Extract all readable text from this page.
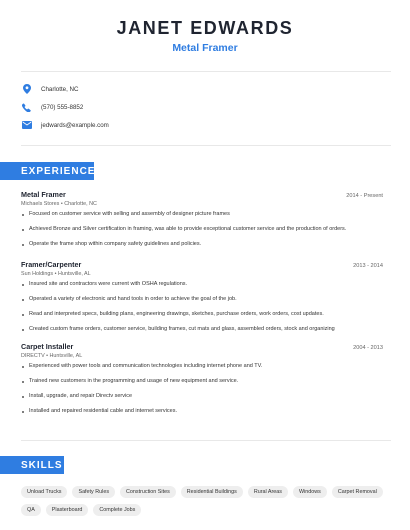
JANET EDWARDS
Metal Framer
Charlotte, NC
(570) 555-8852
jedwards@example.com
EXPERIENCE
Metal Framer	2014 - Present
Michaels Stores • Charlotte, NC
Focused on customer service with selling and assembly of designer picture frames
Achieved Bronze and Silver certification in framing, was able to provide exceptional customer service and the production of orders.
Operate the frame shop within company safety guidelines and policies.
Framer/Carpenter	2013 - 2014
Sun Holdings • Huntsville, AL
Insured site and contractors were current with OSHA regulations.
Operated a variety of electronic and hand tools in order to achieve the goal of the job.
Read and interpreted specs, building plans, engineering drawings, sketches, purchase orders, work orders, cost updates.
Created custom frame orders, customer service, building frames, cut mats and glass, assembled orders, stock and organizing
Carpet Installer	2004 - 2013
DIRECTV • Huntsville, AL
Experienced with power tools and communication technologies including internet phone and TV.
Trained new customers in the programming and usage of new equipment and service.
Install, upgrade, and repair Directv service
Installed and repaired residential cable and internet services.
SKILLS
Unload Trucks	Safety Rules	Construction Sites	Residential Buildings	Rural Areas	Windows	Carpet Removal
QA	Plasterboard	Complete Jobs
